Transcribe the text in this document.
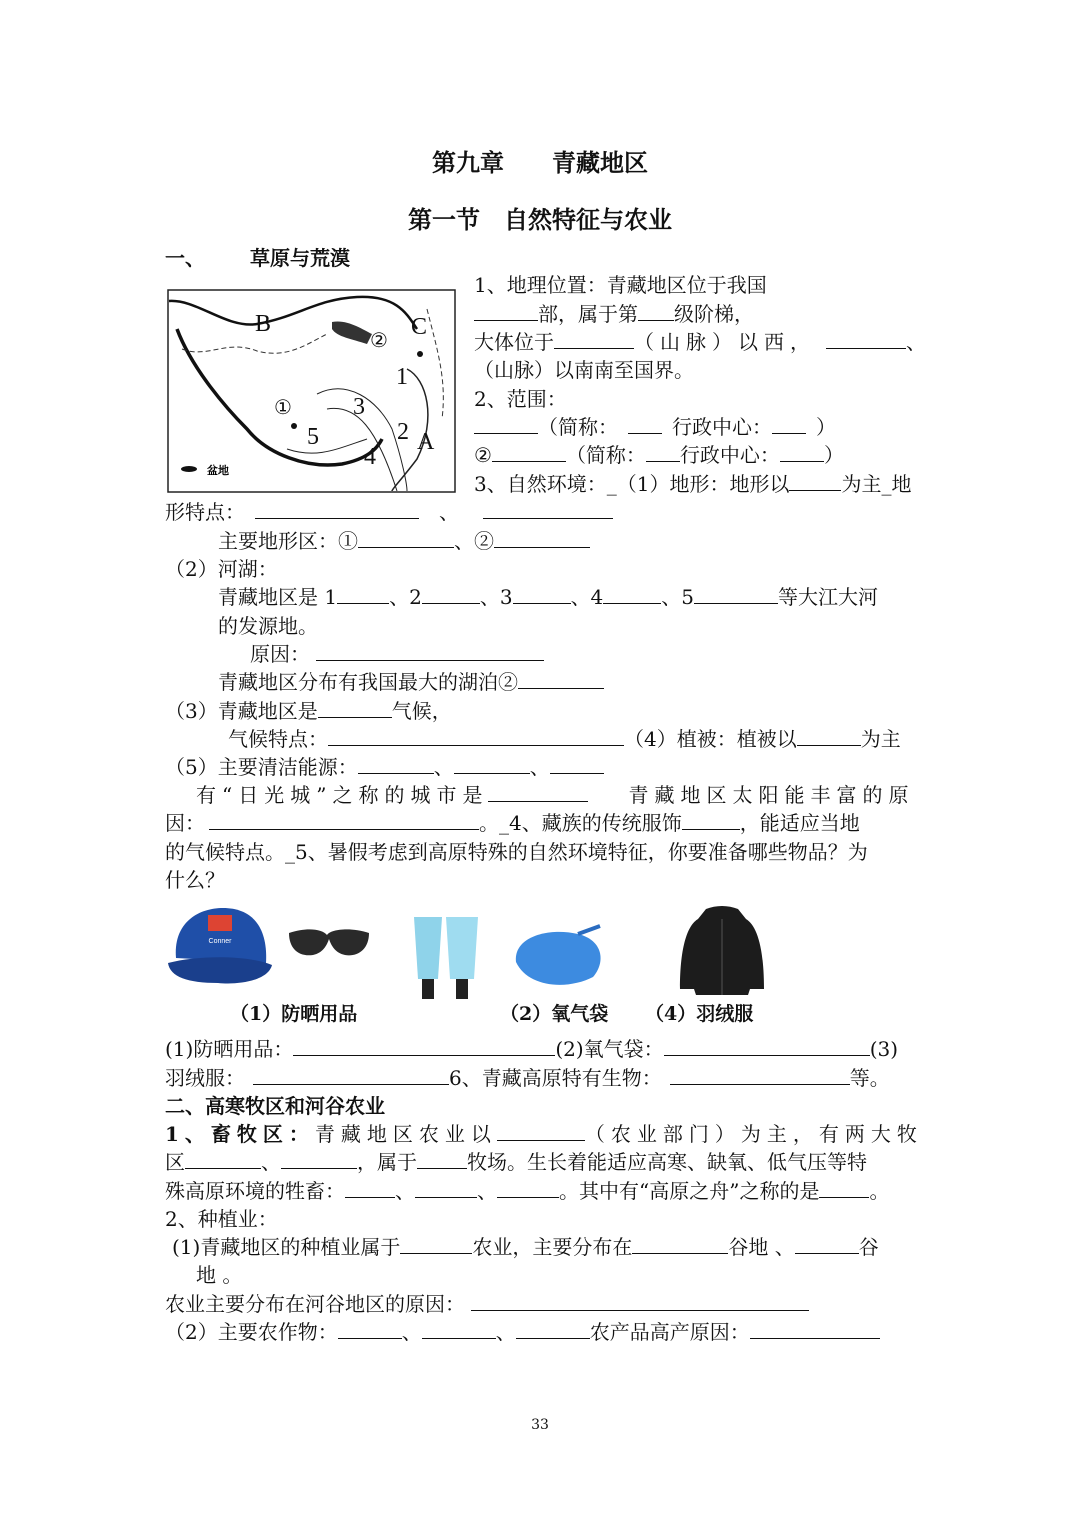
第九章　　青藏地区
第一节　自然特征与农业
一、 草原与荒漠
B	C
②
1
①	3
2 A
5
4
盆地
1、地理位置：青藏地区位于我国
部，属于第 级阶梯，
大体位于	（山脉）以西，	、
（山脉）以南南至国界。
2、范围：
（简称：	行政中心： ）
②	（简称： 行政中心： ）
3、自然环境：_（1）地形：地形以	为主_地
形特点：	、
主要地形区：①	、②
（2）河湖：
青藏地区是 1	、2	、3	、4	、5	等大江大河
的发源地。
原因：
青藏地区分布有我国最大的湖泊②
（3）青藏地区是	气候，
气候特点：	（4）植被：植被以	为主
（5）主要清洁能源：	、	、
有“日光城”之称的城市是	青藏地区太阳能丰富的原
因：	。_4、藏族的传统服饰	，能适应当地
的气候特点。_5、暑假考虑到高原特殊的自然环境特征，你要准备哪些物品？为
什么？
Conner
（1）防晒用品	（2）氧气袋 （4）羽绒服
(1)防晒用品：	(2)氧气袋：	(3)
羽绒服：	6、青藏高原特有生物：	等。
二、高寒牧区和河谷农业
1、畜牧区：青藏地区农业以	（农业部门）为主，有两大牧
区	、	，属于	牧场。生长着能适应高寒、缺氧、低气压等特
殊高原环境的牲畜：	、	、	。其中有“高原之舟”之称的是	。
2、种植业：
(1)青藏地区的种植业属于	农业，主要分布在	谷地 、	谷
地 。
农业主要分布在河谷地区的原因：
（2）主要农作物：	、	、	农产品高产原因：
33
